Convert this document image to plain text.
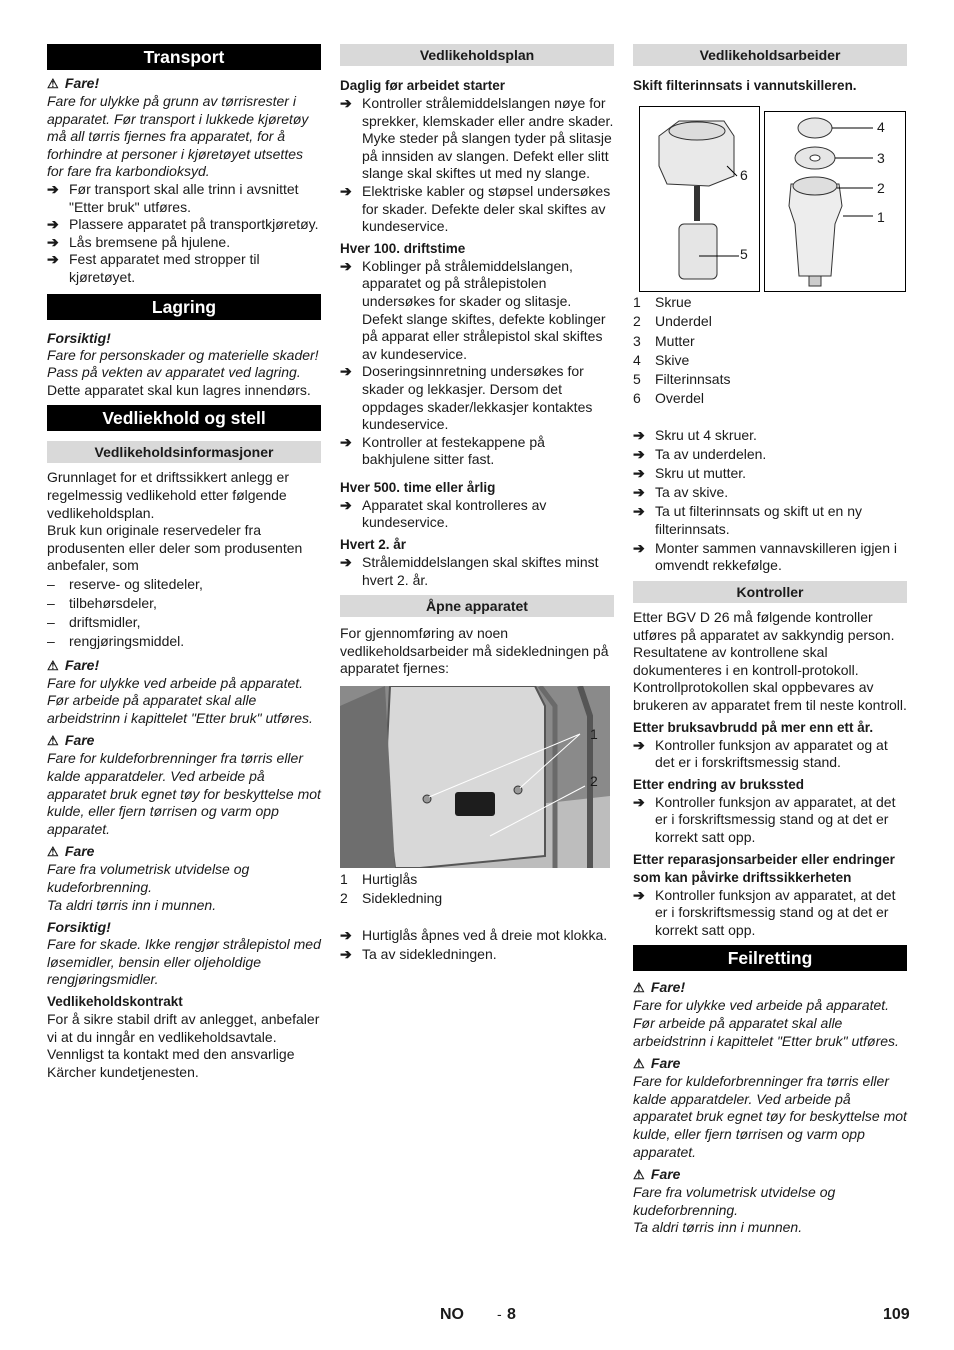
Transport
⚠ Fare!

Fare for ulykke på grunn av tørrisrester i apparatet. Før transport i lukkede kjøretøy må all tørris fjernes fra apparatet, for å forhindre at personer i kjøretøyet utsettes for fare fra karbondioksyd.

➔ Før transport skal alle trinn i avsnittet "Etter bruk" utføres.
➔ Plassere apparatet på transportkjøretøy.
➔ Lås bremsene på hjulene.
➔ Fest apparatet med stropper til kjøretøyet.
Lagring
Forsiktig!

Fare for personskader og materielle skader! Pass på vekten av apparatet ved lagring.

Dette apparatet skal kun lagres innendørs.

Vedliekhold og stell
Vedlikeholdsinformasjoner

Grunnlaget for et driftssikkert anlegg er regelmessig vedlikehold etter følgende vedlikeholdsplan.

Bruk kun originale reservedeler fra produsenten eller deler som produsenten anbefaler, som

– reserve- og slitedeler,
– tilbehørsdeler,
– driftsmidler,
– rengjøringsmiddel.
⚠ Fare!

Fare for ulykke ved arbeide på apparatet. Før arbeide på apparatet skal alle arbeidstrinn i kapittelet "Etter bruk" utføres.

⚠ Fare

Fare for kuldeforbrenninger fra tørris eller kalde apparatdeler. Ved arbeide på apparatet bruk egnet tøy for beskyttelse mot kulde, eller fjern tørrisen og varm opp apparatet.

⚠ Fare

Fare fra volumetrisk utvidelse og kudeforbrenning.

Ta aldri tørris inn i munnen.

Forsiktig!

Fare for skade. Ikke rengjør strålepistol med løsemidler, bensin eller oljeholdige rengjøringsmidler.

Vedlikeholdskontrakt

For å sikre stabil drift av anlegget, anbefaler vi at du inngår en vedlikeholdsavtale. Vennligst ta kontakt med den ansvarlige Kärcher kundetjenesten.

Vedlikeholdsplan
Daglig før arbeidet starter
➔ Kontroller strålemiddelslangen nøye for sprekker, klemskader eller andre skader. Myke steder på slangen tyder på slitasje på innsiden av slangen. Defekt eller slitt slange skal skiftes ut med ny slange.
➔ Elektriske kabler og støpsel undersøkes for skader. Defekte deler skal skiftes av kundeservice.
Hver 100. driftstime
➔ Koblinger på strålemiddelslangen, apparatet og på strålepistolen undersøkes for skader og slitasje. Defekt slange skiftes, defekte koblinger på apparat eller strålepistol skal skiftes av kundeservice.
➔ Doseringsinnretning undersøkes for skader og lekkasjer. Dersom det oppdages skader/lekkasjer kontaktes kundeservice.
➔ Kontroller at festekappene på bakhjulene sitter fast.
Hver 500. time eller årlig
➔ Apparatet skal kontrolleres av kundeservice.
Hvert 2. år
➔ Strålemiddelslangen skal skiftes minst hvert 2. år.
Åpne apparatet

For gjennomføring av noen vedlikeholdsarbeider må sidekledningen på apparatet fjernes:

1
2
1 Hurtiglås
2 Sidekledning
➔ Hurtiglås åpnes ved å dreie mot klokka.
➔ Ta av sidekledningen.
Vedlikeholdsarbeider
Skift filterinnsats i vannutskilleren.
4
3
2
1
6
5
1 Skrue
2 Underdel
3 Mutter
4 Skive
5 Filterinnsats
6 Overdel
➔ Skru ut 4 skruer.
➔ Ta av underdelen.
➔ Skru ut mutter.
➔ Ta av skive.
➔ Ta ut filterinnsats og skift ut en ny filterinnsats.
➔ Monter sammen vannavskilleren igjen i omvendt rekkefølge.
Kontroller

Etter BGV D 26 må følgende kontroller utføres på apparatet av sakkyndig person. Resultatene av kontrollene skal dokumenteres i en kontroll-protokoll. Kontrollprotokollen skal oppbevares av brukeren av apparatet frem til neste kontroll.

Etter bruksavbrudd på mer enn ett år.
➔ Kontroller funksjon av apparatet og at det er i forskriftsmessig stand.
Etter endring av brukssted
➔ Kontroller funksjon av apparatet, at det er i forskriftsmessig stand og at det er korrekt satt opp.
Etter reparasjonsarbeider eller endringer som kan påvirke driftssikkerheten
➔ Kontroller funksjon av apparatet, at det er i forskriftsmessig stand og at det er korrekt satt opp.
Feilretting
⚠ Fare!

Fare for ulykke ved arbeide på apparatet. Før arbeide på apparatet skal alle arbeidstrinn i kapittelet "Etter bruk" utføres.

⚠ Fare

Fare for kuldeforbrenninger fra tørris eller kalde apparatdeler. Ved arbeide på apparatet bruk egnet tøy for beskyttelse mot kulde, eller fjern tørrisen og varm opp apparatet.

⚠ Fare

Fare fra volumetrisk utvidelse og kudeforbrenning.

Ta aldri tørris inn i munnen.

NO - 8	109
